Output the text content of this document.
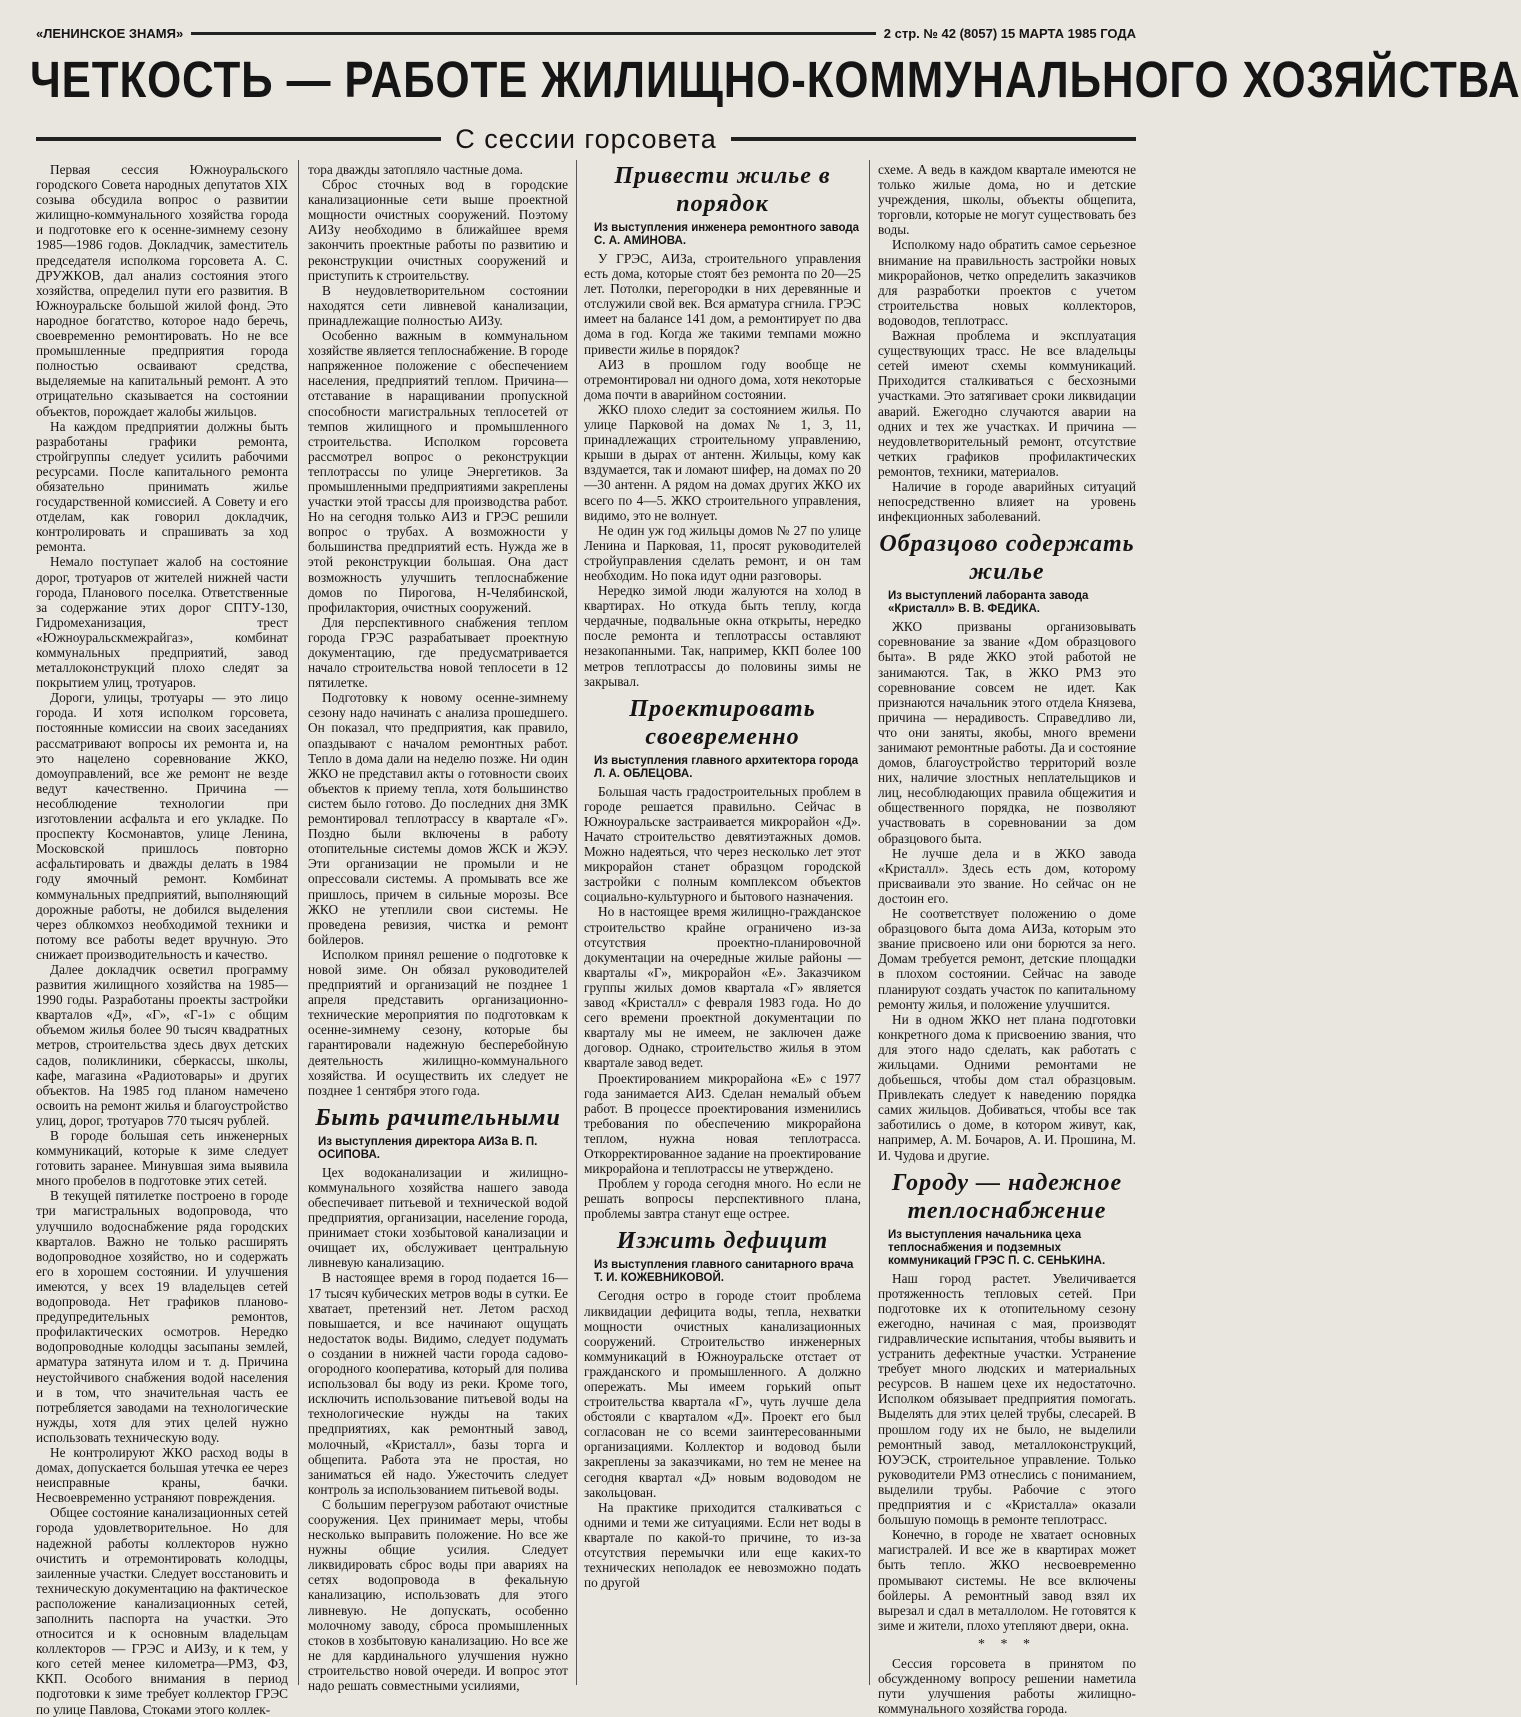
«ЛЕНИНСКОЕ ЗНАМЯ»	2 стр. № 42 (8057) 15 МАРТА 1985 ГОДА
ЧЕТКОСТЬ — РАБОТЕ ЖИЛИЩНО-КОММУНАЛЬНОГО ХОЗЯЙСТВА
С сессии горсовета

Первая сессия Южноуральского городского Совета народных депутатов XIX созыва обсудила вопрос о развитии жилищно-коммунального хозяйства города и подготовке его к осенне-зимнему сезону 1985—1986 годов. Докладчик, заместитель председателя исполкома горсовета А. С. ДРУЖКОВ, дал анализ состояния этого хозяйства, определил пути его развития. В Южноуральске большой жилой фонд. Это народное богатство, которое надо беречь, своевременно ремонтировать. Но не все промышленные предприятия города полностью осваивают средства, выделяемые на капитальный ремонт. А это отрицательно сказывается на состоянии объектов, порождает жалобы жильцов.

На каждом предприятии должны быть разработаны графики ремонта, стройгруппы следует усилить рабочими ресурсами. После капитального ремонта обязательно принимать жилье государственной комиссией. А Совету и его отделам, как говорил докладчик, контролировать и спрашивать за ход ремонта.

Немало поступает жалоб на состояние дорог, тротуаров от жителей нижней части города, Планового поселка. Ответственные за содержание этих дорог СПТУ-130, Гидромеханизация, трест «Южноуральскмежрайгаз», комбинат коммунальных предприятий, завод металлоконструкций плохо следят за покрытием улиц, тротуаров.

Дороги, улицы, тротуары — это лицо города. И хотя исполком горсовета, постоянные комиссии на своих заседаниях рассматривают вопросы их ремонта и, на это нацелено соревнование ЖКО, домоуправлений, все же ремонт не везде ведут качественно. Причина — несоблюдение технологии при изготовлении асфальта и его укладке. По проспекту Космонавтов, улице Ленина, Московской пришлось повторно асфальтировать и дважды делать в 1984 году ямочный ремонт. Комбинат коммунальных предприятий, выполняющий дорожные работы, не добился выделения через облкомхоз необходимой техники и потому все работы ведет вручную. Это снижает производительность и качество.

Далее докладчик осветил программу развития жилищного хозяйства на 1985—1990 годы. Разработаны проекты застройки кварталов «Д», «Г», «Г-1» с общим объемом жилья более 90 тысяч квадратных метров, строительства здесь двух детских садов, поликлиники, сберкассы, школы, кафе, магазина «Радиотовары» и других объектов. На 1985 год планом намечено освоить на ремонт жилья и благоустройство улиц, дорог, тротуаров 770 тысяч рублей.

В городе большая сеть инженерных коммуникаций, которые к зиме следует готовить заранее. Минувшая зима выявила много пробелов в подготовке этих сетей.

В текущей пятилетке построено в городе три магистральных водопровода, что улучшило водоснабжение ряда городских кварталов. Важно не только расширять водопроводное хозяйство, но и содержать его в хорошем состоянии. И улучшения имеются, у всех 19 владельцев сетей водопровода. Нет графиков планово-предупредительных ремонтов, профилактических осмотров. Нередко водопроводные колодцы засыпаны землей, арматура затянута илом и т. д. Причина неустойчивого снабжения водой населения и в том, что значительная часть ее потребляется заводами на технологические нужды, хотя для этих целей нужно использовать техническую воду.

Не контролируют ЖКО расход воды в домах, допускается большая утечка ее через неисправные краны, бачки. Несвоевременно устраняют повреждения.

Общее состояние канализационных сетей города удовлетворительное. Но для надежной работы коллекторов нужно очистить и отремонтировать колодцы, заиленные участки. Следует восстановить и техническую документацию на фактическое расположение канализационных сетей, заполнить паспорта на участки. Это относится и к основным владельцам коллекторов — ГРЭС и АИЗу, и к тем, у кого сетей менее километра—РМЗ, ФЗ, ККП. Особого внимания в период подготовки к зиме требует коллектор ГРЭС по улице Павлова, Стоками этого коллек-

тора дважды затопляло частные дома.

Сброс сточных вод в городские канализационные сети выше проектной мощности очистных сооружений. Поэтому АИЗу необходимо в ближайшее время закончить проектные работы по развитию и реконструкции очистных сооружений и приступить к строительству.

В неудовлетворительном состоянии находятся сети ливневой канализации, принадлежащие полностью АИЗу.

Особенно важным в коммунальном хозяйстве является теплоснабжение. В городе напряженное положение с обеспечением населения, предприятий теплом. Причина—отставание в наращивании пропускной способности магистральных теплосетей от темпов жилищного и промышленного строительства. Исполком горсовета рассмотрел вопрос о реконструкции теплотрассы по улице Энергетиков. За промышленными предприятиями закреплены участки этой трассы для производства работ. Но на сегодня только АИЗ и ГРЭС решили вопрос о трубах. А возможности у большинства предприятий есть. Нужда же в этой реконструкции большая. Она даст возможность улучшить теплоснабжение домов по Пирогова, Н-Челябинской, профилактория, очистных сооружений.

Для перспективного снабжения теплом города ГРЭС разрабатывает проектную документацию, где предусматривается начало строительства новой теплосети в 12 пятилетке.

Подготовку к новому осенне-зимнему сезону надо начинать с анализа прошедшего. Он показал, что предприятия, как правило, опаздывают с началом ремонтных работ. Тепло в дома дали на неделю позже. Ни один ЖКО не представил акты о готовности своих объектов к приему тепла, хотя большинство систем было готово. До последних дня ЗМК ремонтировал теплотрассу в квартале «Г». Поздно были включены в работу отопительные системы домов ЖСК и ЖЭУ. Эти организации не промыли и не опрессовали системы. А промывать все же пришлось, причем в сильные морозы. Все ЖКО не утеплили свои системы. Не проведена ревизия, чистка и ремонт бойлеров.

Исполком принял решение о подготовке к новой зиме. Он обязал руководителей предприятий и организаций не позднее 1 апреля представить организационно-технические мероприятия по подготовкам к осенне-зимнему сезону, которые бы гарантировали надежную бесперебойную деятельность жилищно-коммунального хозяйства. И осуществить их следует не позднее 1 сентября этого года.

Быть рачительными
Из выступления директора АИЗа В. П. ОСИПОВА.

Цех водоканализации и жилищно-коммунального хозяйства нашего завода обеспечивает питьевой и технической водой предприятия, организации, население города, принимает стоки хозбытовой канализации и очищает их, обслуживает центральную ливневую канализацию.

В настоящее время в город подается 16—17 тысяч кубических метров воды в сутки. Ее хватает, претензий нет. Летом расход повышается, и все начинают ощущать недостаток воды. Видимо, следует подумать о создании в нижней части города садово-огородного кооператива, который для полива использовал бы воду из реки. Кроме того, исключить использование питьевой воды на технологические нужды на таких предприятиях, как ремонтный завод, молочный, «Кристалл», базы торга и общепита. Работа эта не простая, но заниматься ей надо. Ужесточить следует контроль за использованием питьевой воды.

С большим перегрузом работают очистные сооружения. Цех принимает меры, чтобы несколько выправить положение. Но все же нужны общие усилия. Следует ликвидировать сброс воды при авариях на сетях водопровода в фекальную канализацию, использовать для этого ливневую. Не допускать, особенно молочному заводу, сброса промышленных стоков в хозбытовую канализацию. Но все же не для кардинального улучшения нужно строительство новой очереди. И вопрос этот надо решать совместными усилиями,

Привести жилье в порядок
Из выступления инженера ремонтного завода С. А. АМИНОВА.

У ГРЭС, АИЗа, строительного управления есть дома, которые стоят без ремонта по 20—25 лет. Потолки, перегородки в них деревянные и отслужили свой век. Вся арматура сгнила. ГРЭС имеет на балансе 141 дом, а ремонтирует по два дома в год. Когда же такими темпами можно привести жилье в порядок?

АИЗ в прошлом году вообще не отремонтировал ни одного дома, хотя некоторые дома почти в аварийном состоянии.

ЖКО плохо следит за состоянием жилья. По улице Парковой на домах № 1, 3, 11, принадлежащих строительному управлению, крыши в дырах от антенн. Жильцы, кому как вздумается, так и ломают шифер, на домах по 20—30 антенн. А рядом на домах других ЖКО их всего по 4—5. ЖКО строительного управления, видимо, это не волнует.

Не один уж год жильцы домов № 27 по улице Ленина и Парковая, 11, просят руководителей стройуправления сделать ремонт, и он там необходим. Но пока идут одни разговоры.

Нередко зимой люди жалуются на холод в квартирах. Но откуда быть теплу, когда чердачные, подвальные окна открыты, нередко после ремонта и теплотрассы оставляют незакопанными. Так, например, ККП более 100 метров теплотрассы до половины зимы не закрывал.

Проектировать своевременно
Из выступления главного архитектора города Л. А. ОБЛЕЦОВА.

Большая часть градостроительных проблем в городе решается правильно. Сейчас в Южноуральске застраивается микрорайон «Д». Начато строительство девятиэтажных домов. Можно надеяться, что через несколько лет этот микрорайон станет образцом городской застройки с полным комплексом объектов социально-культурного и бытового назначения.

Но в настоящее время жилищно-гражданское строительство крайне ограничено из-за отсутствия проектно-планировочной документации на очередные жилые районы — кварталы «Г», микрорайон «Е». Заказчиком группы жилых домов квартала «Г» является завод «Кристалл» с февраля 1983 года. Но до сего времени проектной документации по кварталу мы не имеем, не заключен даже договор. Однако, строительство жилья в этом квартале завод ведет.

Проектированием микрорайона «Е» с 1977 года занимается АИЗ. Сделан немалый объем работ. В процессе проектирования изменились требования по обеспечению микрорайона теплом, нужна новая теплотрасса. Откорректированное задание на проектирование микрорайона и теплотрассы не утверждено.

Проблем у города сегодня много. Но если не решать вопросы перспективного плана, проблемы завтра станут еще острее.

Изжить дефицит
Из выступления главного санитарного врача Т. И. КОЖЕВНИКОВОЙ.

Сегодня остро в городе стоит проблема ликвидации дефицита воды, тепла, нехватки мощности очистных канализационных сооружений. Строительство инженерных коммуникаций в Южноуральске отстает от гражданского и промышленного. А должно опережать. Мы имеем горький опыт строительства квартала «Г», чуть лучше дела обстояли с кварталом «Д». Проект его был согласован не со всеми заинтересованными организациями. Коллектор и водовод были закреплены за заказчиками, но тем не менее на сегодня квартал «Д» новым водоводом не закольцован.

На практике приходится сталкиваться с одними и теми же ситуациями. Если нет воды в квартале по какой-то причине, то из-за отсутствия перемычки или еще каких-то технических неполадок ее невозможно подать по другой

схеме. А ведь в каждом квартале имеются не только жилые дома, но и детские учреждения, школы, объекты общепита, торговли, которые не могут существовать без воды.

Исполкому надо обратить самое серьезное внимание на правильность застройки новых микрорайонов, четко определить заказчиков для разработки проектов с учетом строительства новых коллекторов, водоводов, теплотрасс.

Важная проблема и эксплуатация существующих трасс. Не все владельцы сетей имеют схемы коммуникаций. Приходится сталкиваться с бесхозными участками. Это затягивает сроки ликвидации аварий. Ежегодно случаются аварии на одних и тех же участках. И причина — неудовлетворительный ремонт, отсутствие четких графиков профилактических ремонтов, техники, материалов.

Наличие в городе аварийных ситуаций непосредственно влияет на уровень инфекционных заболеваний.

Образцово содержать жилье
Из выступлений лаборанта завода «Кристалл» В. В. ФЕДИКА.

ЖКО призваны организовывать соревнование за звание «Дом образцового быта». В ряде ЖКО этой работой не занимаются. Так, в ЖКО РМЗ это соревнование совсем не идет. Как признаются начальник этого отдела Князева, причина — нерадивость. Справедливо ли, что они заняты, якобы, много времени занимают ремонтные работы. Да и состояние домов, благоустройство территорий возле них, наличие злостных неплательщиков и лиц, несоблюдающих правила общежития и общественного порядка, не позволяют участвовать в соревновании за дом образцового быта.

Не лучше дела и в ЖКО завода «Кристалл». Здесь есть дом, которому присваивали это звание. Но сейчас он не достоин его.

Не соответствует положению о доме образцового быта дома АИЗа, которым это звание присвоено или они борются за него. Домам требуется ремонт, детские площадки в плохом состоянии. Сейчас на заводе планируют создать участок по капитальному ремонту жилья, и положение улучшится.

Ни в одном ЖКО нет плана подготовки конкретного дома к присвоению звания, что для этого надо сделать, как работать с жильцами. Одними ремонтами не добьешься, чтобы дом стал образцовым. Привлекать следует к наведению порядка самих жильцов. Добиваться, чтобы все так заботились о доме, в котором живут, как, например, А. М. Бочаров, А. И. Прошина, М. И. Чудова и другие.

Городу — надежное теплоснабжение
Из выступления начальника цеха теплоснабжения и подземных коммуникаций ГРЭС П. С. СЕНЬКИНА.

Наш город растет. Увеличивается протяженность тепловых сетей. При подготовке их к отопительному сезону ежегодно, начиная с мая, производят гидравлические испытания, чтобы выявить и устранить дефектные участки. Устранение требует много людских и материальных ресурсов. В нашем цехе их недостаточно. Исполком обязывает предприятия помогать. Выделять для этих целей трубы, слесарей. В прошлом году их не было, не выделили ремонтный завод, металлоконструкций, ЮУЭСК, строительное управление. Только руководители РМЗ отнеслись с пониманием, выделили трубы. Рабочие с этого предприятия и с «Кристалла» оказали большую помощь в ремонте теплотрасс.

Конечно, в городе не хватает основных магистралей. И все же в квартирах может быть тепло. ЖКО несвоевременно промывают системы. Не все включены бойлеры. А ремонтный завод взял их вырезал и сдал в металлолом. Не готовятся к зиме и жители, плохо утепляют двери, окна.

* * *

Сессия горсовета в принятом по обсужденному вопросу решении наметила пути улучшения работы жилищно-коммунального хозяйства города.
